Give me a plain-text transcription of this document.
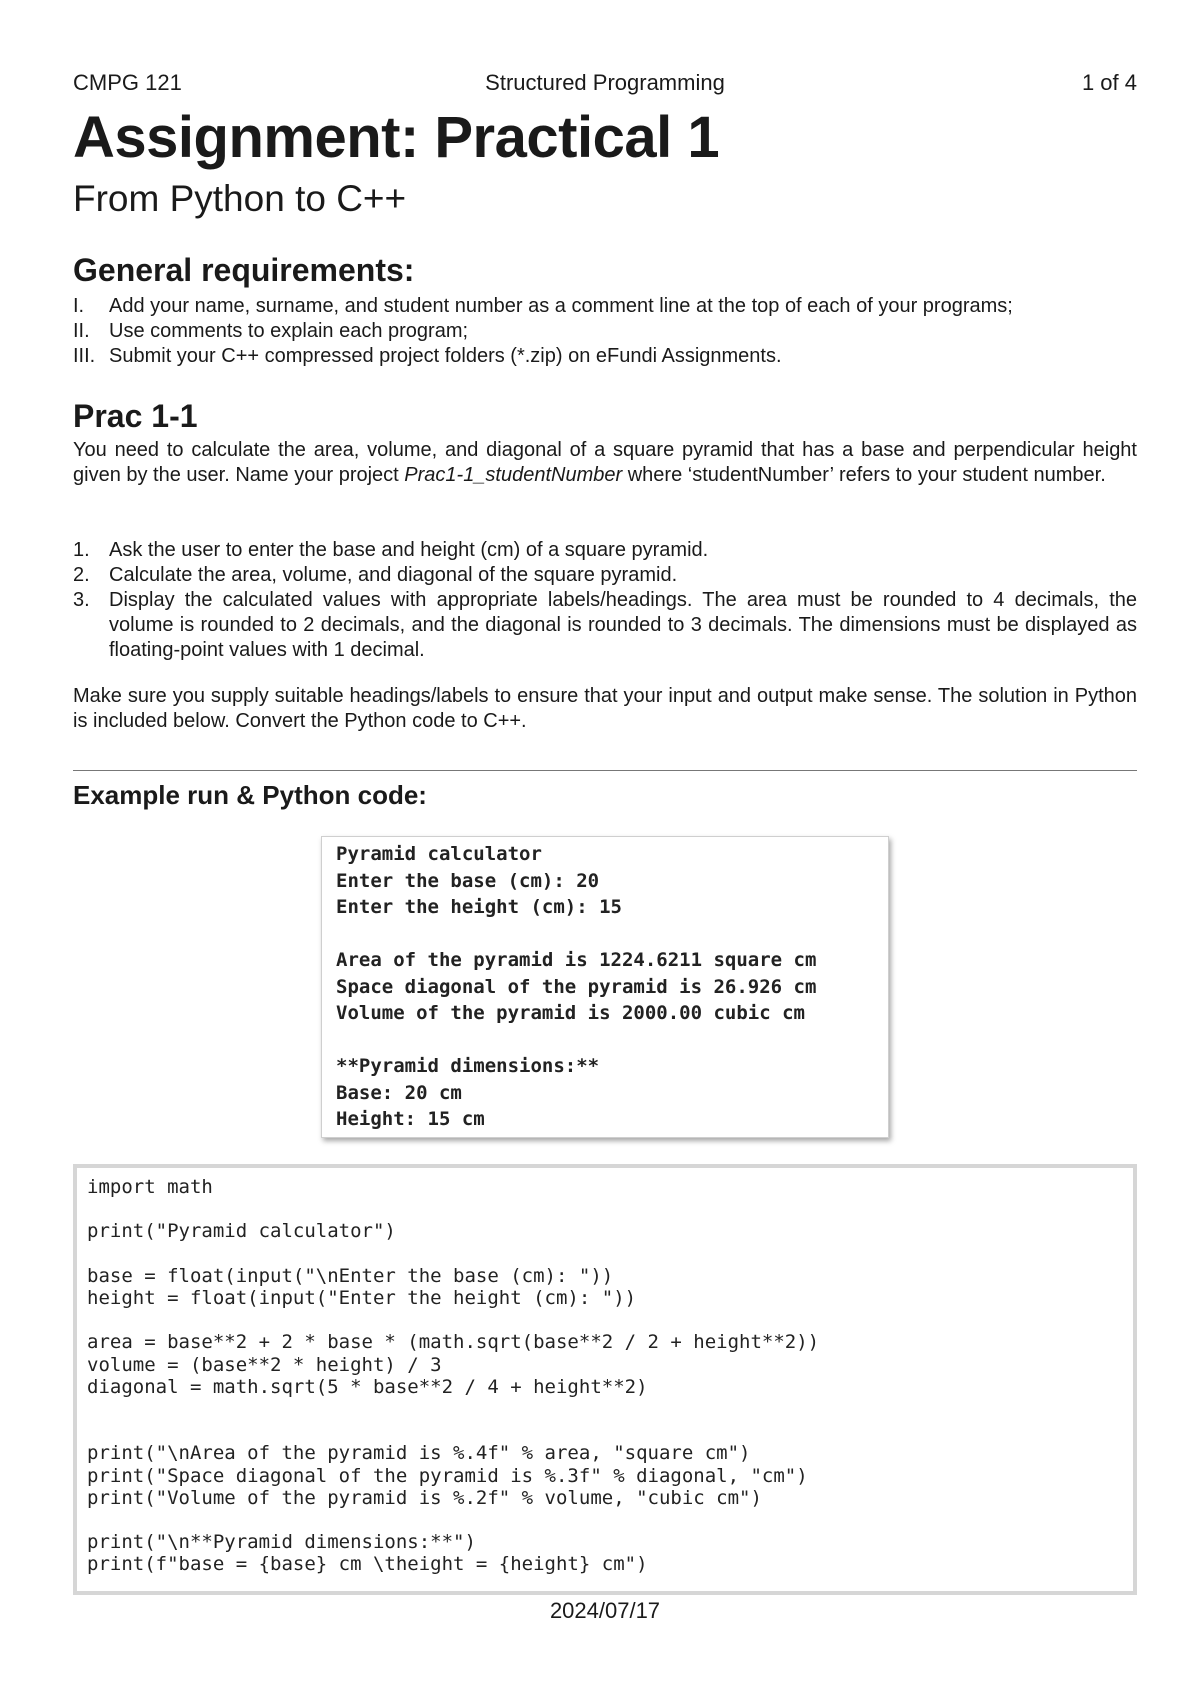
CMPG 121	Structured Programming	1 of 4
Assignment: Practical 1
From Python to C++
General requirements:
I. Add your name, surname, and student number as a comment line at the top of each of your programs;
II. Use comments to explain each program;
III. Submit your C++ compressed project folders (*.zip) on eFundi Assignments.
Prac 1-1

You need to calculate the area, volume, and diagonal of a square pyramid that has a base and perpendicular height given by the user. Name your project Prac1-1_studentNumber where ‘studentNumber’ refers to your student number.

1. Ask the user to enter the base and height (cm) of a square pyramid.
2. Calculate the area, volume, and diagonal of the square pyramid.
3. Display the calculated values with appropriate labels/headings. The area must be rounded to 4 decimals, the volume is rounded to 2 decimals, and the diagonal is rounded to 3 decimals. The dimensions must be displayed as floating-point values with 1 decimal.

Make sure you supply suitable headings/labels to ensure that your input and output make sense. The solution in Python is included below. Convert the Python code to C++.

Example run & Python code:
Pyramid calculator
Enter the base (cm): 20
Enter the height (cm): 15

Area of the pyramid is 1224.6211 square cm
Space diagonal of the pyramid is 26.926 cm
Volume of the pyramid is 2000.00 cubic cm

**Pyramid dimensions:**
Base: 20 cm
Height: 15 cm
import math

print("Pyramid calculator")

base = float(input("\nEnter the base (cm): "))
height = float(input("Enter the height (cm): "))

area = base**2 + 2 * base * (math.sqrt(base**2 / 2 + height**2))
volume = (base**2 * height) / 3
diagonal = math.sqrt(5 * base**2 / 4 + height**2)

print("\nArea of the pyramid is %.4f" % area, "square cm")
print("Space diagonal of the pyramid is %.3f" % diagonal, "cm")
print("Volume of the pyramid is %.2f" % volume, "cubic cm")

print("\n**Pyramid dimensions:**")
print(f"base = {base} cm \theight = {height} cm")
2024/07/17
